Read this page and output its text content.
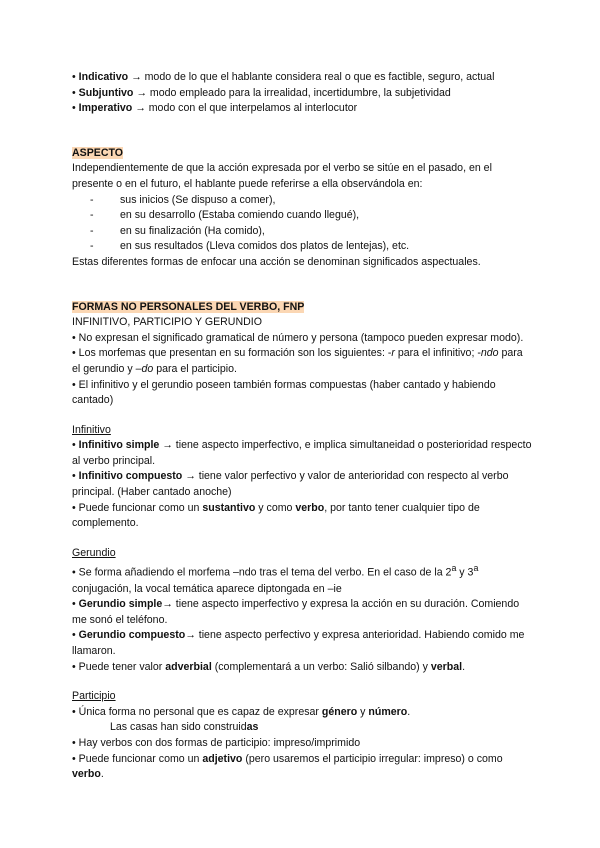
• Indicativo → modo de lo que el hablante considera real o que es factible, seguro, actual

• Subjuntivo → modo empleado para la irrealidad, incertidumbre, la subjetividad

• Imperativo → modo con el que interpelamos al interlocutor

ASPECTO

Independientemente de que la acción expresada por el verbo se sitúe en el pasado, en el presente o en el futuro, el hablante puede referirse a ella observándola en:

- sus inicios (Se dispuso a comer),

- en su desarrollo (Estaba comiendo cuando llegué),

- en su finalización (Ha comido),

- en sus resultados (Lleva comidos dos platos de lentejas), etc.

Estas diferentes formas de enfocar una acción se denominan significados aspectuales.

FORMAS NO PERSONALES DEL VERBO, FNP

INFINITIVO, PARTICIPIO Y GERUNDIO

• No expresan el significado gramatical de número y persona (tampoco pueden expresar modo).

• Los morfemas que presentan en su formación son los siguientes: -r para el infinitivo; -ndo para el gerundio y –do para el participio.

• El infinitivo y el gerundio poseen también formas compuestas (haber cantado y habiendo cantado)

Infinitivo

• Infinitivo simple → tiene aspecto imperfectivo, e implica simultaneidad o posterioridad respecto al verbo principal.

• Infinitivo compuesto → tiene valor perfectivo y valor de anterioridad con respecto al verbo principal. (Haber cantado anoche)

• Puede funcionar como un sustantivo y como verbo, por tanto tener cualquier tipo de complemento.

Gerundio

• Se forma añadiendo el morfema –ndo tras el tema del verbo. En el caso de la 2$^a$ y 3$^a$ conjugación, la vocal temática aparece diptongada en –ie

• Gerundio simple→ tiene aspecto imperfectivo y expresa la acción en su duración. Comiendo me sonó el teléfono.

• Gerundio compuesto→ tiene aspecto perfectivo y expresa anterioridad. Habiendo comido me llamaron.

• Puede tener valor adverbial (complementará a un verbo: Salió silbando) y verbal.

Participio

• Única forma no personal que es capaz de expresar género y número.

Las casas han sido construidas

• Hay verbos con dos formas de participio: impreso/imprimido

• Puede funcionar como un adjetivo (pero usaremos el participio irregular: impreso) o como verbo.
